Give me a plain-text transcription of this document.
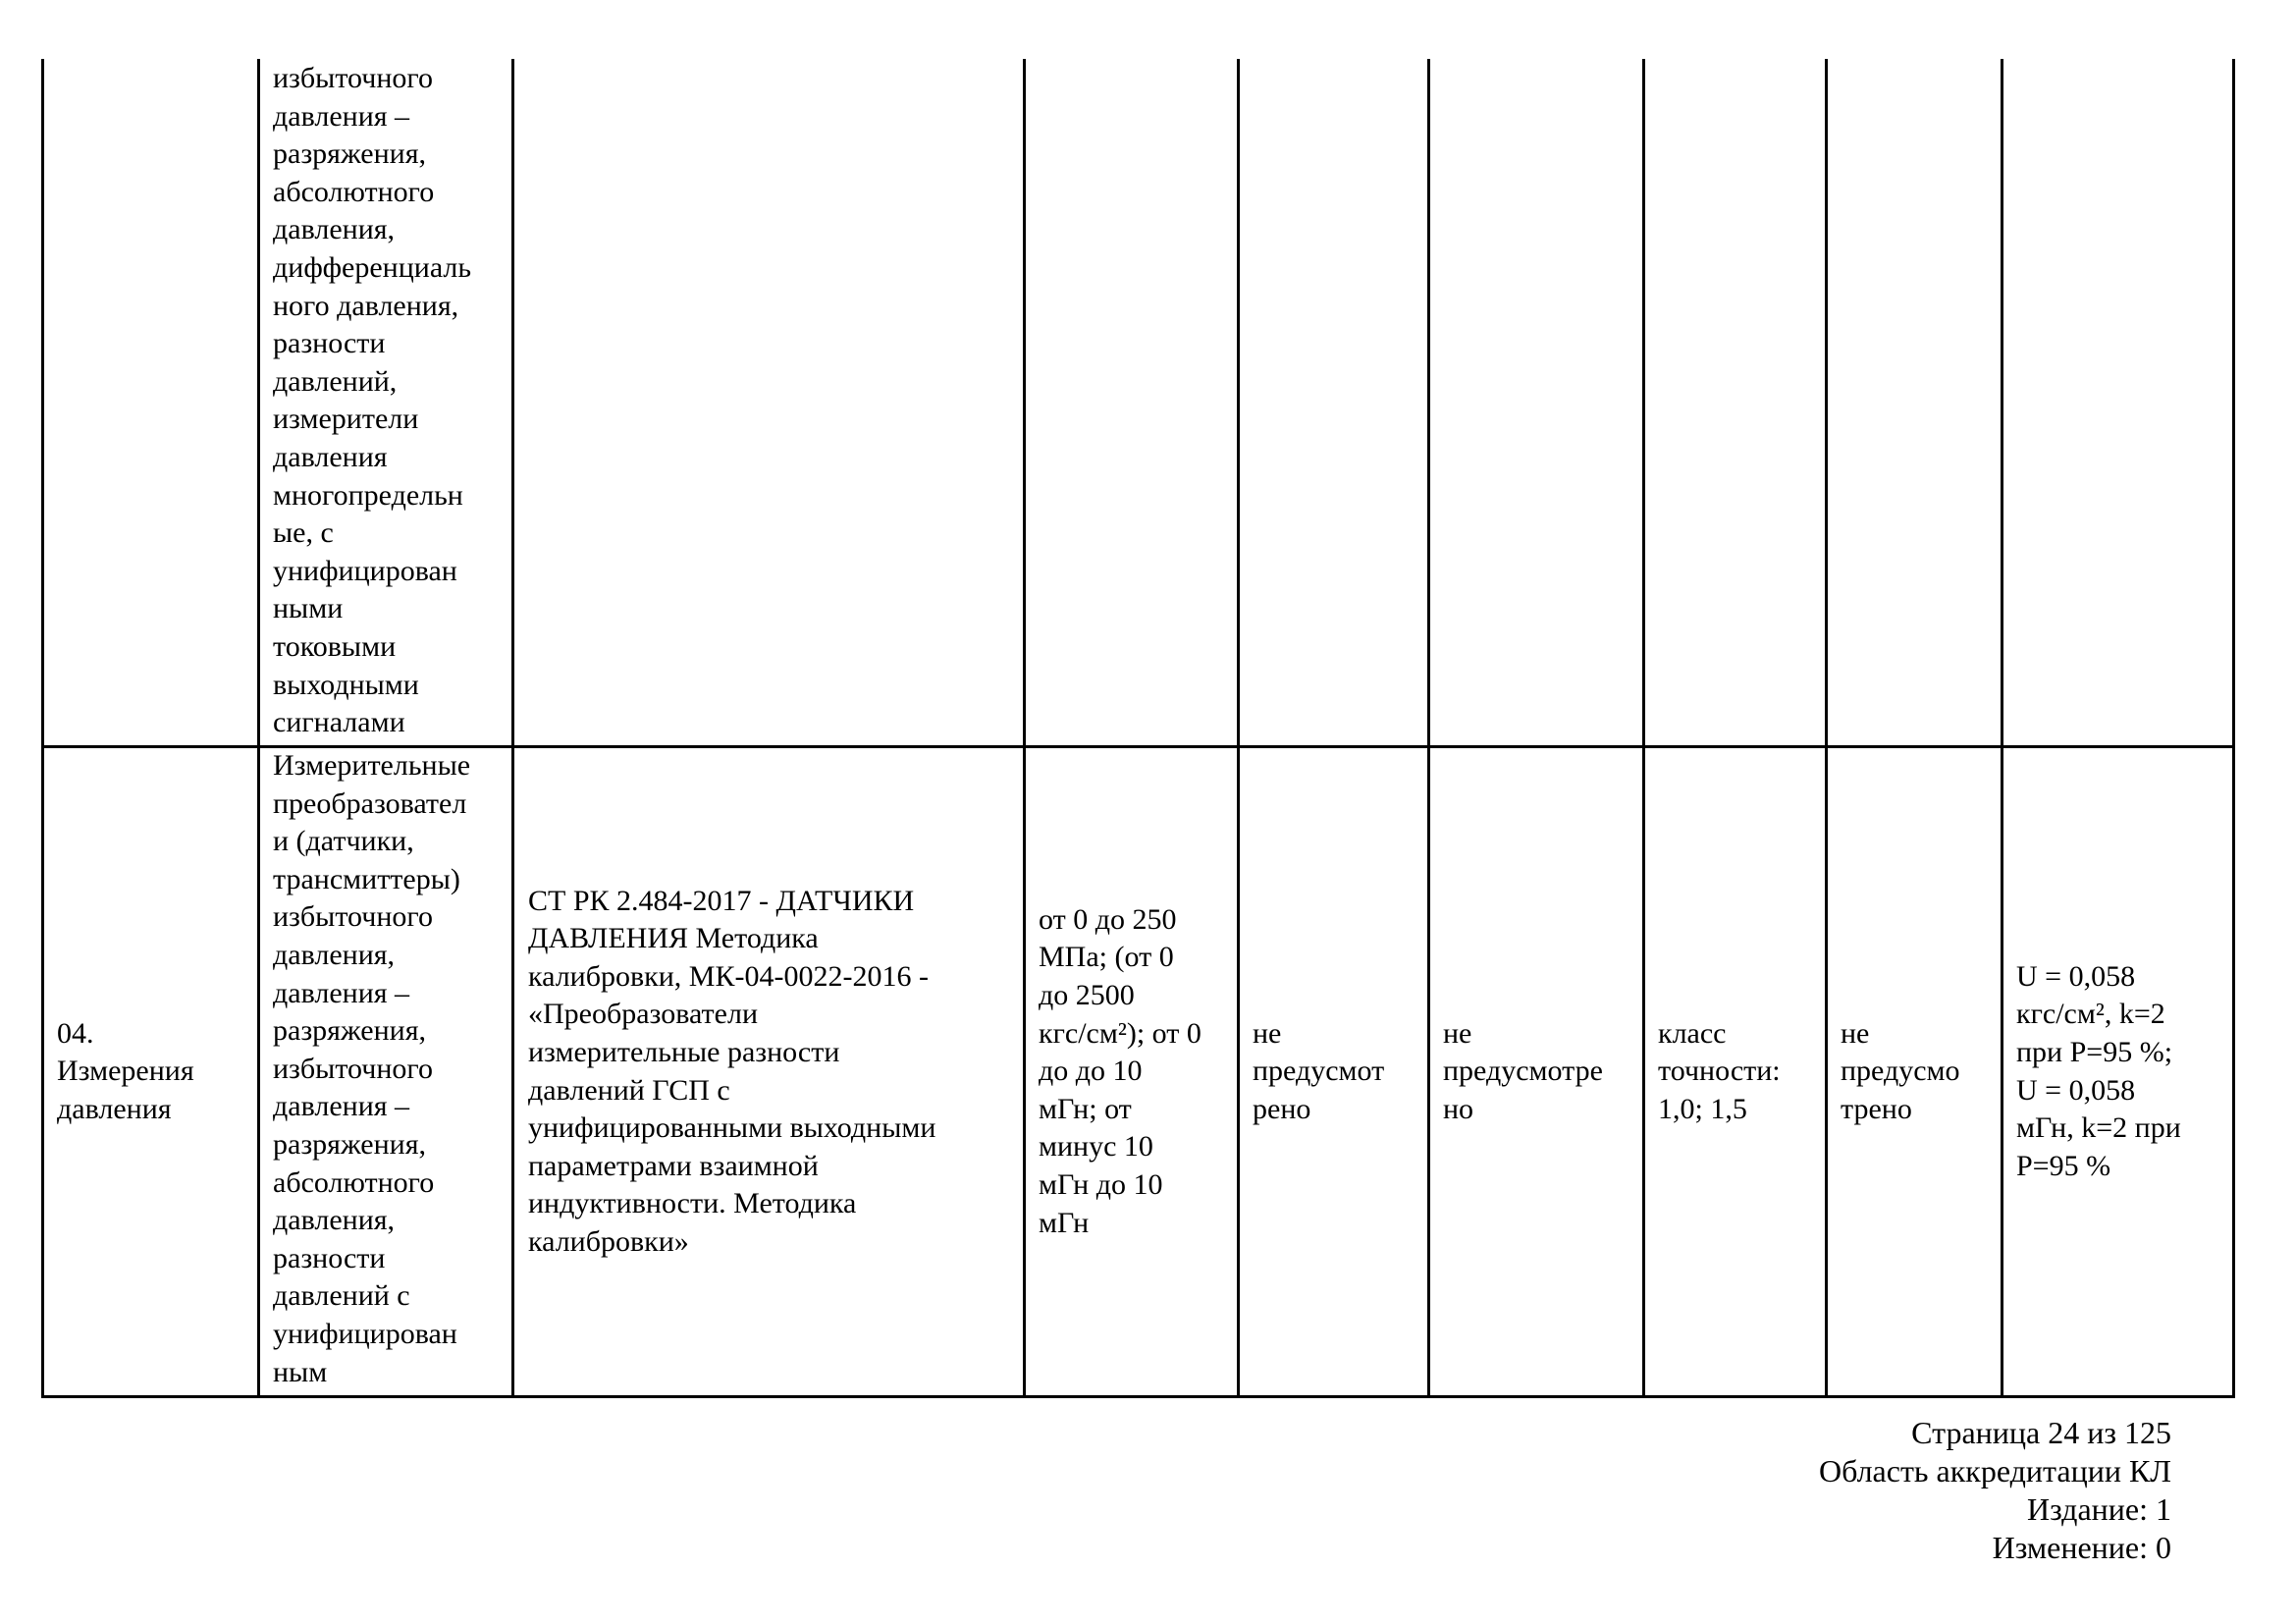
избыточного
давления –
разряжения,
абсолютного
давления,
дифференциаль
ного давления,
разности
давлений,
измерители
давления
многопредельн
ые, с
унифицирован
ными
токовыми
выходными
сигналами
04.
Измерения
давления
Измерительные
преобразовател
и (датчики,
трансмиттеры)
избыточного
давления,
давления –
разряжения,
избыточного
давления –
разряжения,
абсолютного
давления,
разности
давлений с
унифицирован
ным
СТ РК 2.484-2017 - ДАТЧИКИ
ДАВЛЕНИЯ Методика
калибровки, МК-04-0022-2016 -
«Преобразователи
измерительные разности
давлений ГСП с
унифицированными выходными
параметрами взаимной
индуктивности. Методика
калибровки»
от 0 до 250
МПа; (от 0
до 2500
кгс/см²); от 0
до до 10
мГн; от
минус 10
мГн до 10
мГн
не
предусмот
рено
не
предусмотре
но
класс
точности:
1,0; 1,5
не
предусмо
трено
U = 0,058
кгс/см², k=2
при P=95 %;
U = 0,058
мГн, k=2 при
P=95 %
Страница 24 из 125
Область аккредитации КЛ
Издание: 1
Изменение: 0
